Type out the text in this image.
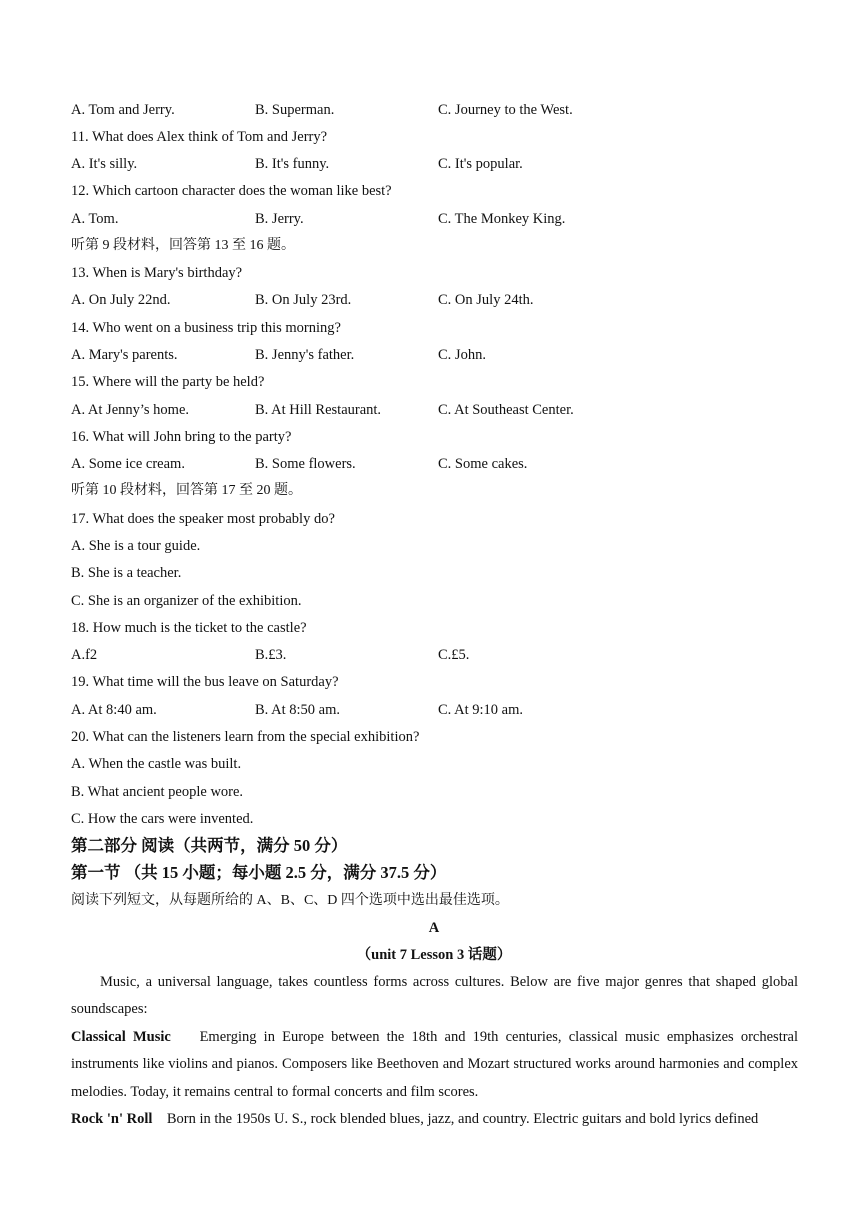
A. Tom and Jerry.	B. Superman.	C. Journey to the West.
11. What does Alex think of Tom and Jerry?
A. It's silly.	B. It's funny.	C. It's popular.
12. Which cartoon character does the woman like best?
A. Tom.	B. Jerry.	C. The Monkey King.
听第 9 段材料，回答第 13 至 16 题。
13. When is Mary's birthday?
A. On July 22nd.	B. On July 23rd.	C. On July 24th.
14. Who went on a business trip this morning?
A. Mary's parents.	B. Jenny's father.	C. John.
15. Where will the party be held?
A. At Jenny’s home.	B. At Hill Restaurant.	C. At Southeast Center.
16. What will John bring to the party?
A. Some ice cream.	B. Some flowers.	C. Some cakes.
听第 10 段材料，回答第 17 至 20 题。
17. What does the speaker most probably do?
A. She is a tour guide.
B. She is a teacher.
C. She is an organizer of the exhibition.
18. How much is the ticket to the castle?
A.f2	B.£3.	C.£5.
19. What time will the bus leave on Saturday?
A. At 8:40 am.	B. At 8:50 am.	C. At 9:10 am.
20. What can the listeners learn from the special exhibition?
A. When the castle was built.
B. What ancient people wore.
C. How the cars were invented.
第二部分 阅读（共两节，满分 50 分）
第一节 （共 15 小题；每小题 2.5 分，满分 37.5 分）
阅读下列短文，从每题所给的 A、B、C、D 四个选项中选出最佳选项。
A
（unit 7 Lesson 3 话题）
Music, a universal language, takes countless forms across cultures. Below are five major genres that shaped global soundscapes:
Classical Music Emerging in Europe between the 18th and 19th centuries, classical music emphasizes orchestral instruments like violins and pianos. Composers like Beethoven and Mozart structured works around harmonies and complex melodies. Today, it remains central to formal concerts and film scores.
Rock 'n' Roll Born in the 1950s U. S., rock blended blues, jazz, and country. Electric guitars and bold lyrics defined
